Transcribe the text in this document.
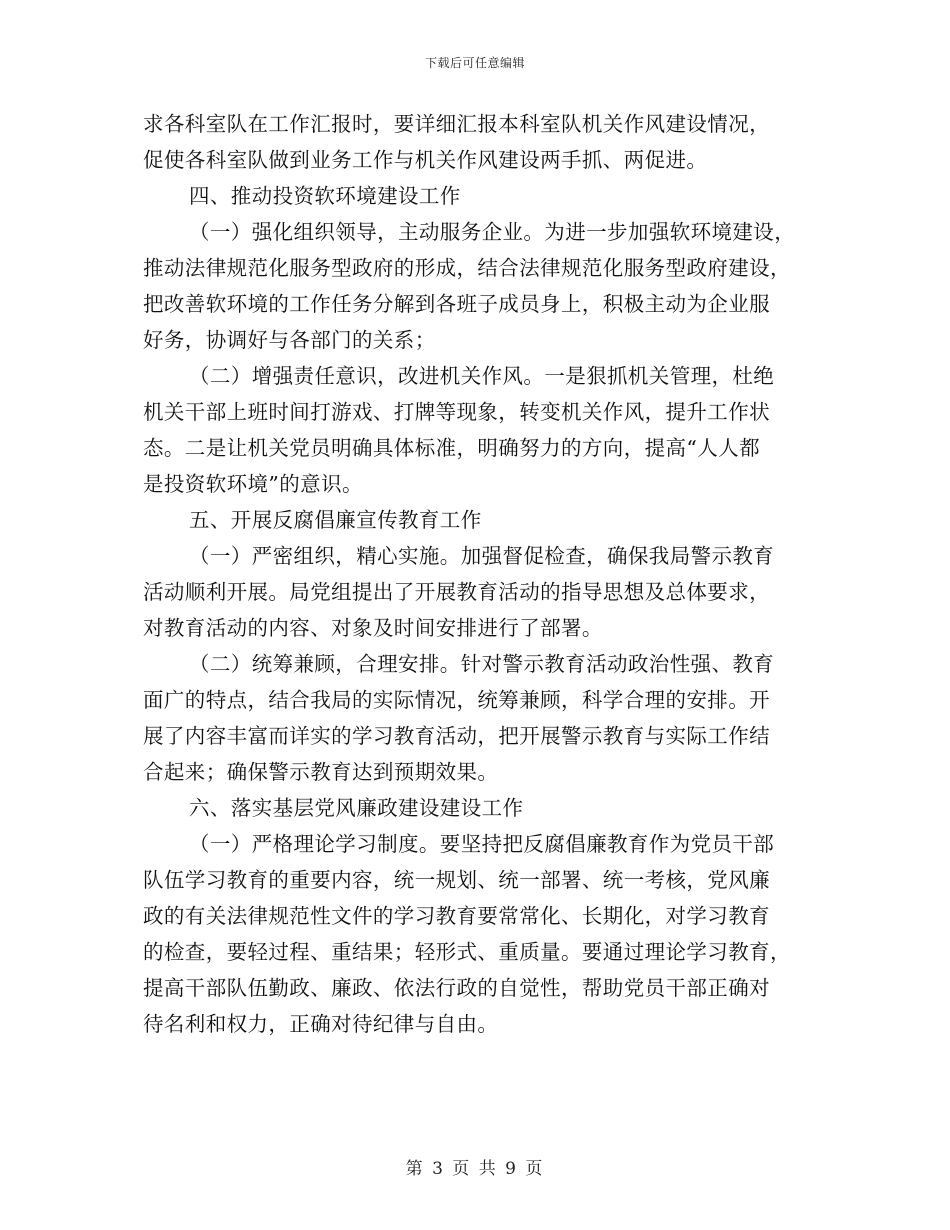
下载后可任意编辑
求各科室队在工作汇报时，要详细汇报本科室队机关作风建设情况，
促使各科室队做到业务工作与机关作风建设两手抓、两促进。
四、推动投资软环境建设工作
（一）强化组织领导，主动服务企业。为进一步加强软环境建设，
推动法律规范化服务型政府的形成，结合法律规范化服务型政府建设，
把改善软环境的工作任务分解到各班子成员身上，积极主动为企业服
好务，协调好与各部门的关系；
（二）增强责任意识，改进机关作风。一是狠抓机关管理，杜绝
机关干部上班时间打游戏、打牌等现象，转变机关作风，提升工作状
态。二是让机关党员明确具体标准，明确努力的方向，提高“人人都
是投资软环境”的意识。
五、开展反腐倡廉宣传教育工作
（一）严密组织，精心实施。加强督促检查，确保我局警示教育
活动顺利开展。局党组提出了开展教育活动的指导思想及总体要求，
对教育活动的内容、对象及时间安排进行了部署。
（二）统筹兼顾，合理安排。针对警示教育活动政治性强、教育
面广的特点，结合我局的实际情况，统筹兼顾，科学合理的安排。开
展了内容丰富而详实的学习教育活动，把开展警示教育与实际工作结
合起来；确保警示教育达到预期效果。
六、落实基层党风廉政建设建设工作
（一）严格理论学习制度。要坚持把反腐倡廉教育作为党员干部
队伍学习教育的重要内容，统一规划、统一部署、统一考核，党风廉
政的有关法律规范性文件的学习教育要常常化、长期化，对学习教育
的检查，要轻过程、重结果；轻形式、重质量。要通过理论学习教育，
提高干部队伍勤政、廉政、依法行政的自觉性，帮助党员干部正确对
待名利和权力，正确对待纪律与自由。
第 3 页 共 9 页
